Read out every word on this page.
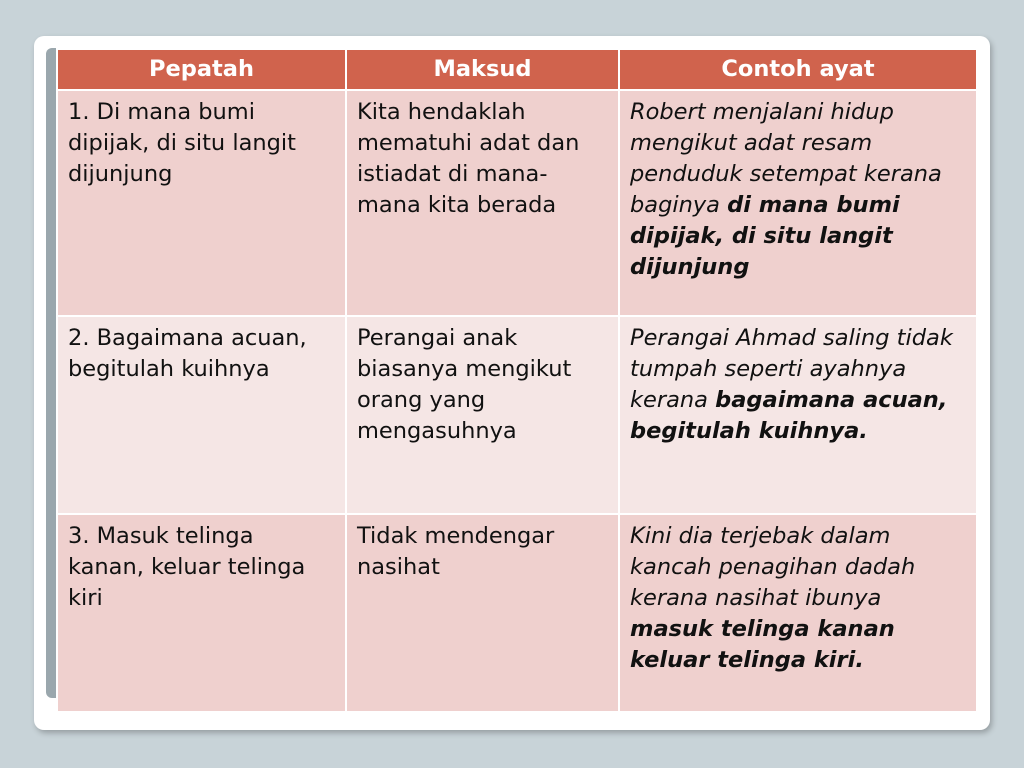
Pepatah	Maksud	Contoh ayat
1. Di mana bumi dipijak, di situ langit dijunjung	Kita hendaklah mematuhi adat dan istiadat di mana-mana kita berada	Robert menjalani hidup mengikut adat resam penduduk setempat kerana baginya di mana bumi dipijak, di situ langit dijunjung
2. Bagaimana acuan, begitulah kuihnya	Perangai anak biasanya mengikut orang yang mengasuhnya	Perangai Ahmad saling tidak tumpah seperti ayahnya kerana bagaimana acuan, begitulah kuihnya.
3. Masuk telinga kanan, keluar telinga kiri	Tidak mendengar nasihat	Kini dia terjebak dalam kancah penagihan dadah kerana nasihat ibunya masuk telinga kanan keluar telinga kiri.
